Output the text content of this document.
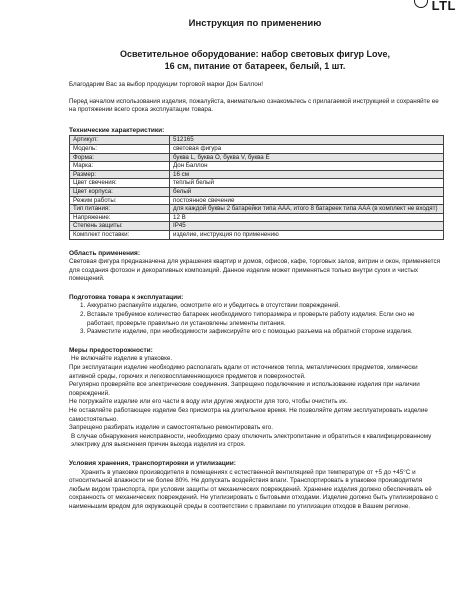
LTL
Инструкция по применению
Осветительное оборудование: набор световых фигур Love,
16 см, питание от батареек, белый, 1 шт.

Благодарим Вас за выбор продукции торговой марки Дон Баллон!

Перед началом использования изделия, пожалуйста, внимательно ознакомьтесь с прилагаемой инструкцией и сохраняйте ее на протяжении всего срока эксплуатации товара.

Технические характеристики:

Артикул:	512165
Модель:	световая фигура
Форма:	буква L, буква O, буква V, буква E
Марка:	Дон Баллон
Размер:	16 см
Цвет свечения:	теплый белый
Цвет корпуса:	белый
Режим работы:	постоянное свечение
Тип питания:	для каждой буквы 2 батарейки типа ААА, итого 8 батареек типа ААА (в комплект не входят)
Напряжение:	12 В
Степень защиты:	IP45
Комплект поставки:	изделие, инструкция по применению

Область применения:

Световая фигура предназначена для украшения квартир и домов, офисов, кафе, торговых залов, витрин и окон, применяется для создания фотозон и декоративных композиций. Данное изделие может применяться только внутри сухих и чистых помещений.

Подготовка товара к эксплуатации:

1. Аккуратно распакуйте изделие, осмотрите его и убедитесь в отсутствии повреждений.
2. Вставьте требуемое количество батареек необходимого типоразмера и проверьте работу изделия. Если оно не работает, проверьте правильно ли установлены элементы питания.
3. Разместите изделие, при необходимости зафиксируйте его с помощью разъема на обратной стороне изделия.

Меры предосторожности:

Не включайте изделие в упаковке.

При эксплуатации изделие необходимо располагать вдали от источников тепла, металлических предметов, химически активной среды, горючих и легковоспламеняющихся предметов и поверхностей.

Регулярно проверяйте все электрические соединения. Запрещено подключение и использование изделия при наличии повреждений.

Не погружайте изделие или его части в воду или другие жидкости для того, чтобы очистить их.

Не оставляйте работающее изделие без присмотра на длительное время. Не позволяйте детям эксплуатировать изделие самостоятельно.

Запрещено разбирать изделие и самостоятельно ремонтировать его.

В случае обнаружения неисправности, необходимо сразу отключить электропитание и обратиться к квалифицированному электрику для выяснения причин выхода изделия из строя.

Условия хранения, транспортировки и утилизации:

Хранить в упаковке производителя в помещениях с естественной вентиляцией при температуре от +5 до +45°С и относительной влажности не более 80%. Не допускать воздействия влаги. Транспортировать в упаковке производителя любым видом транспорта, при условии защиты от механических повреждений. Хранение изделия должно обеспечивать её сохранность от механических повреждений. Не утилизировать с бытовыми отходами. Изделие должно быть утилизировано с наименьшим вредом для окружающей среды в соответствии с правилами по утилизации отходов в Вашем регионе.
